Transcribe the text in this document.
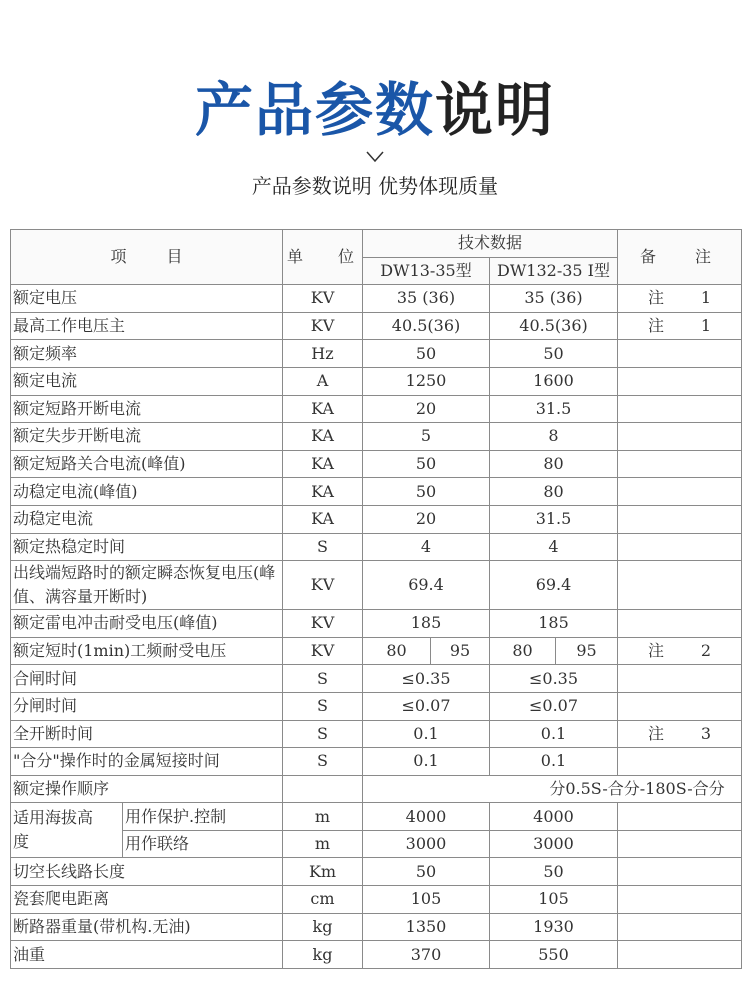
产品参数说明
产品参数说明 优势体现质量
项 目		单 位	技术数据				备 注

			DW13-35型		DW132-35 I型		
额定电压		KV	35 (36)		35 (36)		注 1

最高工作电压主		KV	40.5(36)		40.5(36)		注 1

额定频率		Hz	50		50		
额定电流		A	1250		1600		
额定短路开断电流		KA	20		31.5		
额定失步开断电流		KA	5		8		
额定短路关合电流(峰值)		KA	50		80		
动稳定电流(峰值)		KA	50		80		
动稳定电流		KA	20		31.5		
额定热稳定时间		S	4		4		
出线端短路时的额定瞬态恢复电压(峰值、满容量开断时)		KV	69.4		69.4		
额定雷电冲击耐受电压(峰值)		KV	185		185		
额定短时(1min)工频耐受电压		KV	80	95	80	95	注 2

合闸时间		S	≤0.35		≤0.35		
分闸时间		S	≤0.07		≤0.07		
全开断时间		S	0.1		0.1		注 3

"合分"操作时的金属短接时间		S	0.1		0.1		
额定操作顺序			分0.5S-合分-180S-合分				
适用海拔高度	用作保护.控制	m	4000		4000		
	用作联络	m	3000		3000		
切空长线路长度		Km	50		50		
瓷套爬电距离		cm	105		105		
断路器重量(带机构.无油)		kg	1350		1930		
油重		kg	370		550		
